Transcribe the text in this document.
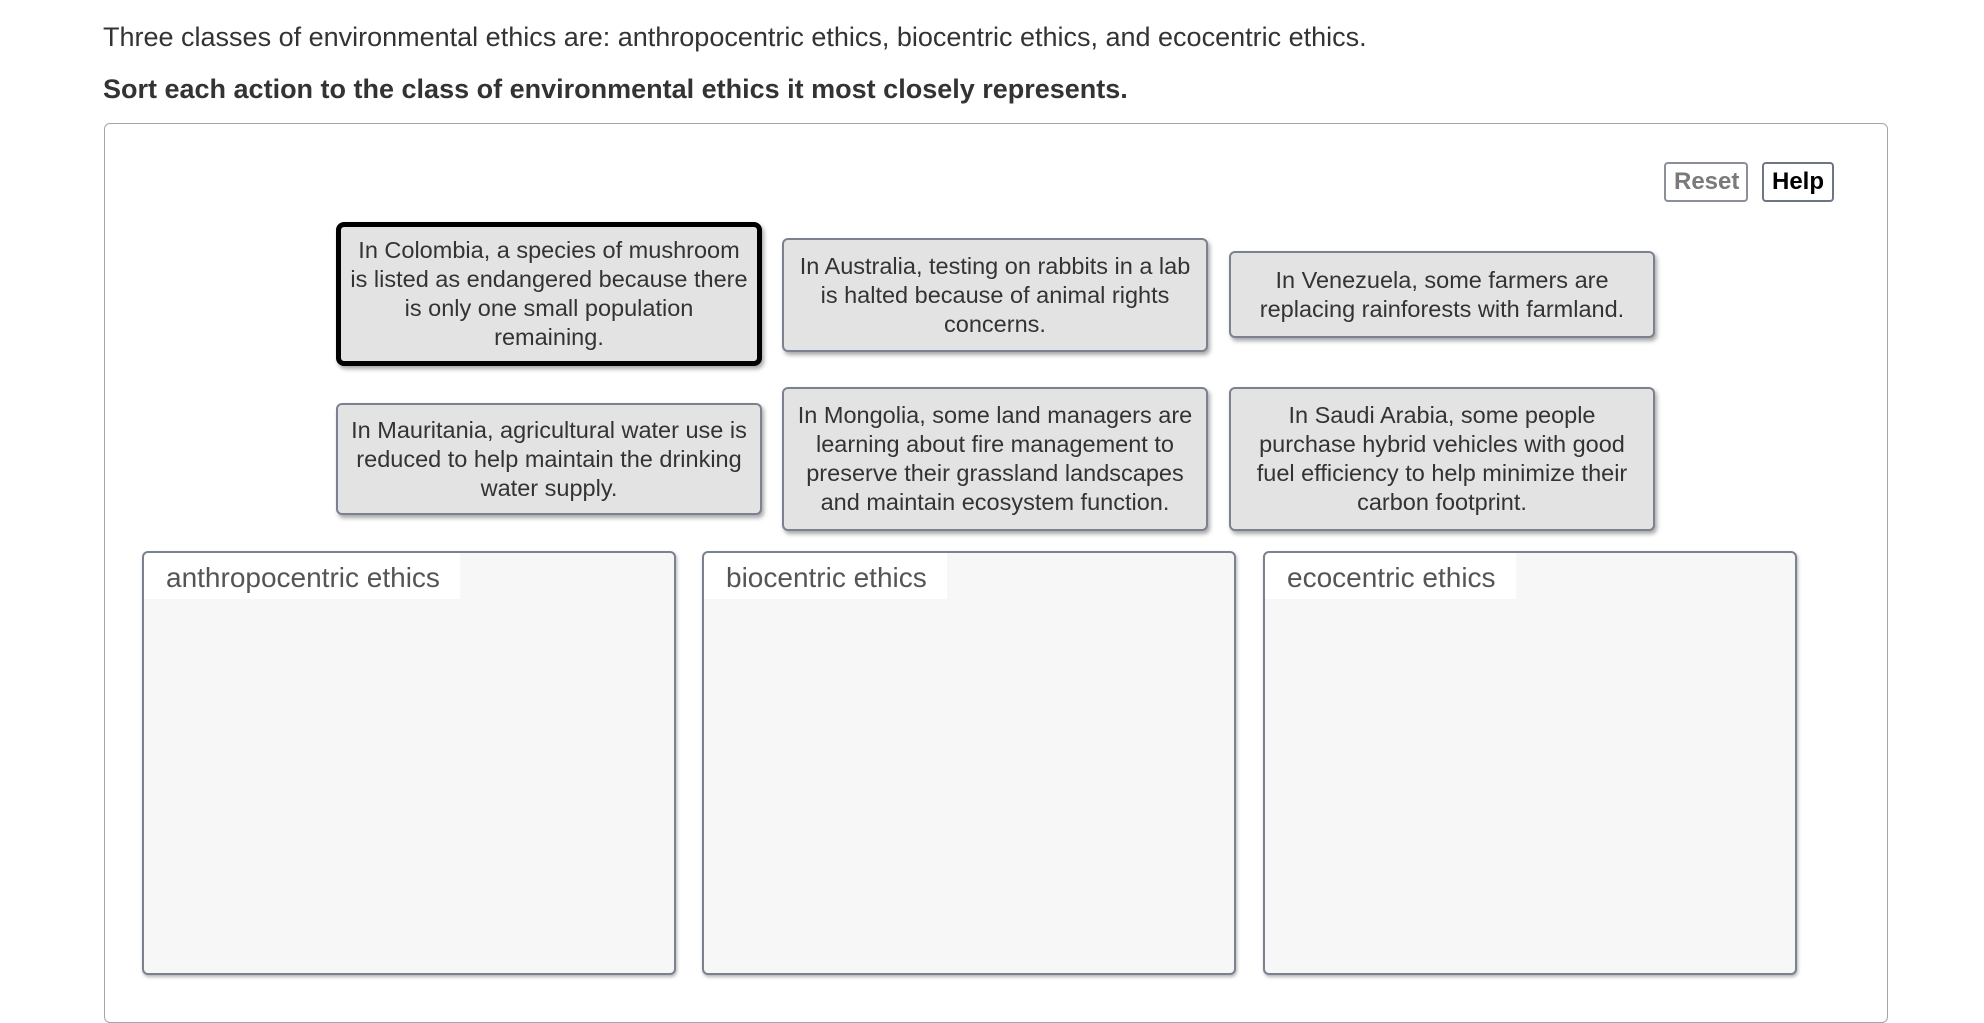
Three classes of environmental ethics are: anthropocentric ethics, biocentric ethics, and ecocentric ethics.
Sort each action to the class of environmental ethics it most closely represents.
Reset	Help
In Colombia, a species of mushroom is listed as endangered because there is only one small population remaining.
In Australia, testing on rabbits in a lab is halted because of animal rights concerns.
In Venezuela, some farmers are replacing rainforests with farmland.
In Mauritania, agricultural water use is reduced to help maintain the drinking water supply.
In Mongolia, some land managers are learning about fire management to preserve their grassland landscapes and maintain ecosystem function.
In Saudi Arabia, some people purchase hybrid vehicles with good fuel efficiency to help minimize their carbon footprint.
anthropocentric ethics	biocentric ethics	ecocentric ethics
